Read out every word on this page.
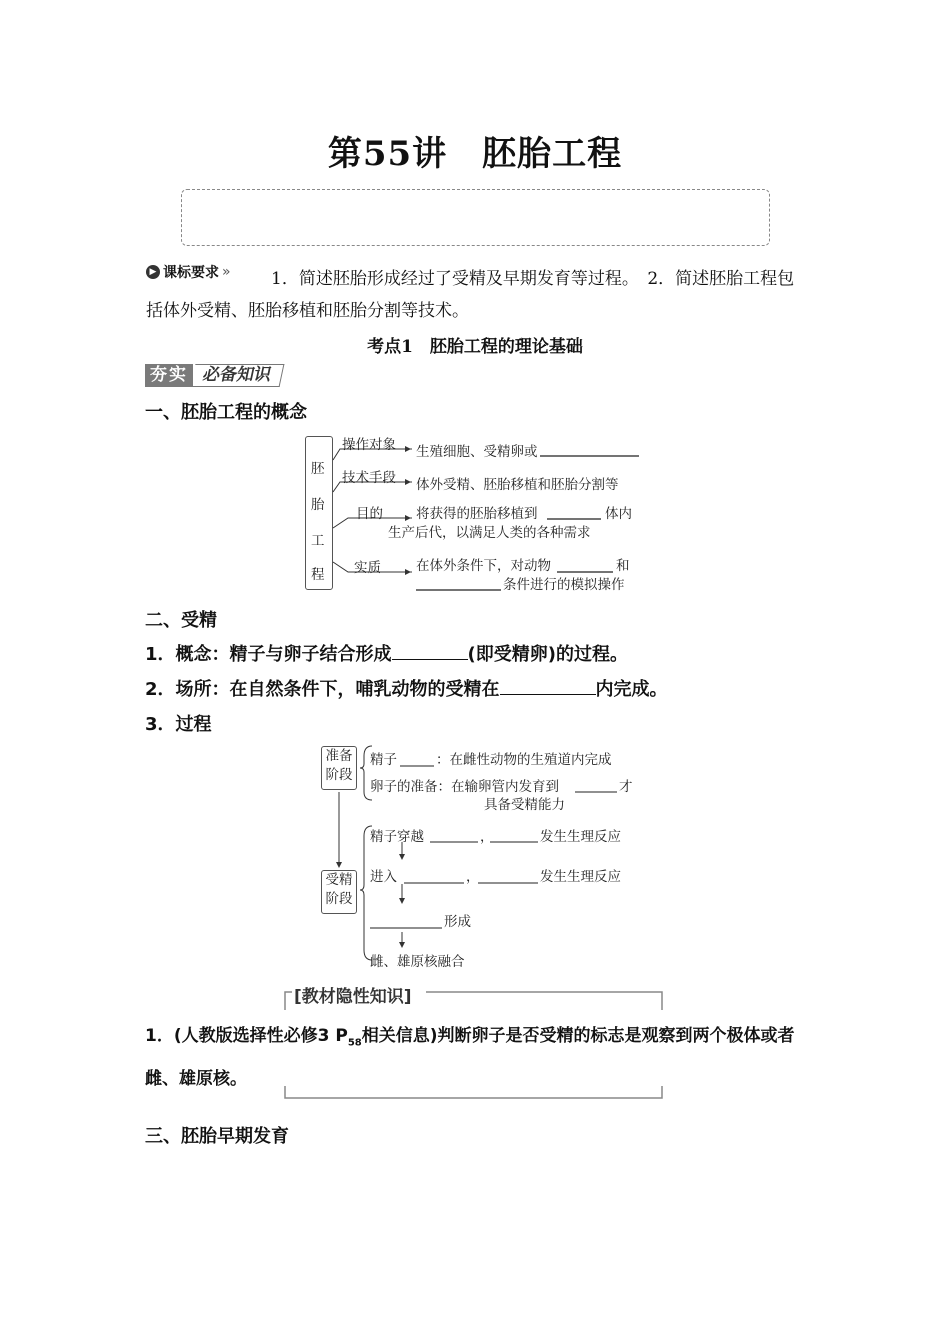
第55讲　胚胎工程
1．简述胚胎形成经过了受精及早期发育等过程。　2．简述胚胎工程包括体外受精、胚胎移植和胚胎分割等技术。
▶ 课标要求 »
考点1　胚胎工程的理论基础
夯实 必备知识
一、胚胎工程的概念
胚
胎
工
程
操作对象 生殖细胞、受精卵或
技术手段 体外受精、胚胎移植和胚胎分割等
目的 将获得的胚胎移植到	体内
生产后代，以满足人类的各种需求
实质	在体外条件下，对动物	和
条件进行的模拟操作
二、受精
1．概念：精子与卵子结合形成	(即受精卵)的过程。
2．场所：在自然条件下，哺乳动物的受精在	内完成。
3．过程
准备
阶段
受精
阶段
精子	：在雌性动物的生殖道内完成
卵子的准备：在输卵管内发育到	才
具备受精能力
精子穿越	，	发生生理反应
进入	，	发生生理反应
形成
雌、雄原核融合
[教材隐性知识]
1．(人教版选择性必修3 $P_{58}$相关信息)判断卵子是否受精的标志是观察到两个极体或者雌、雄原核。
三、胚胎早期发育
